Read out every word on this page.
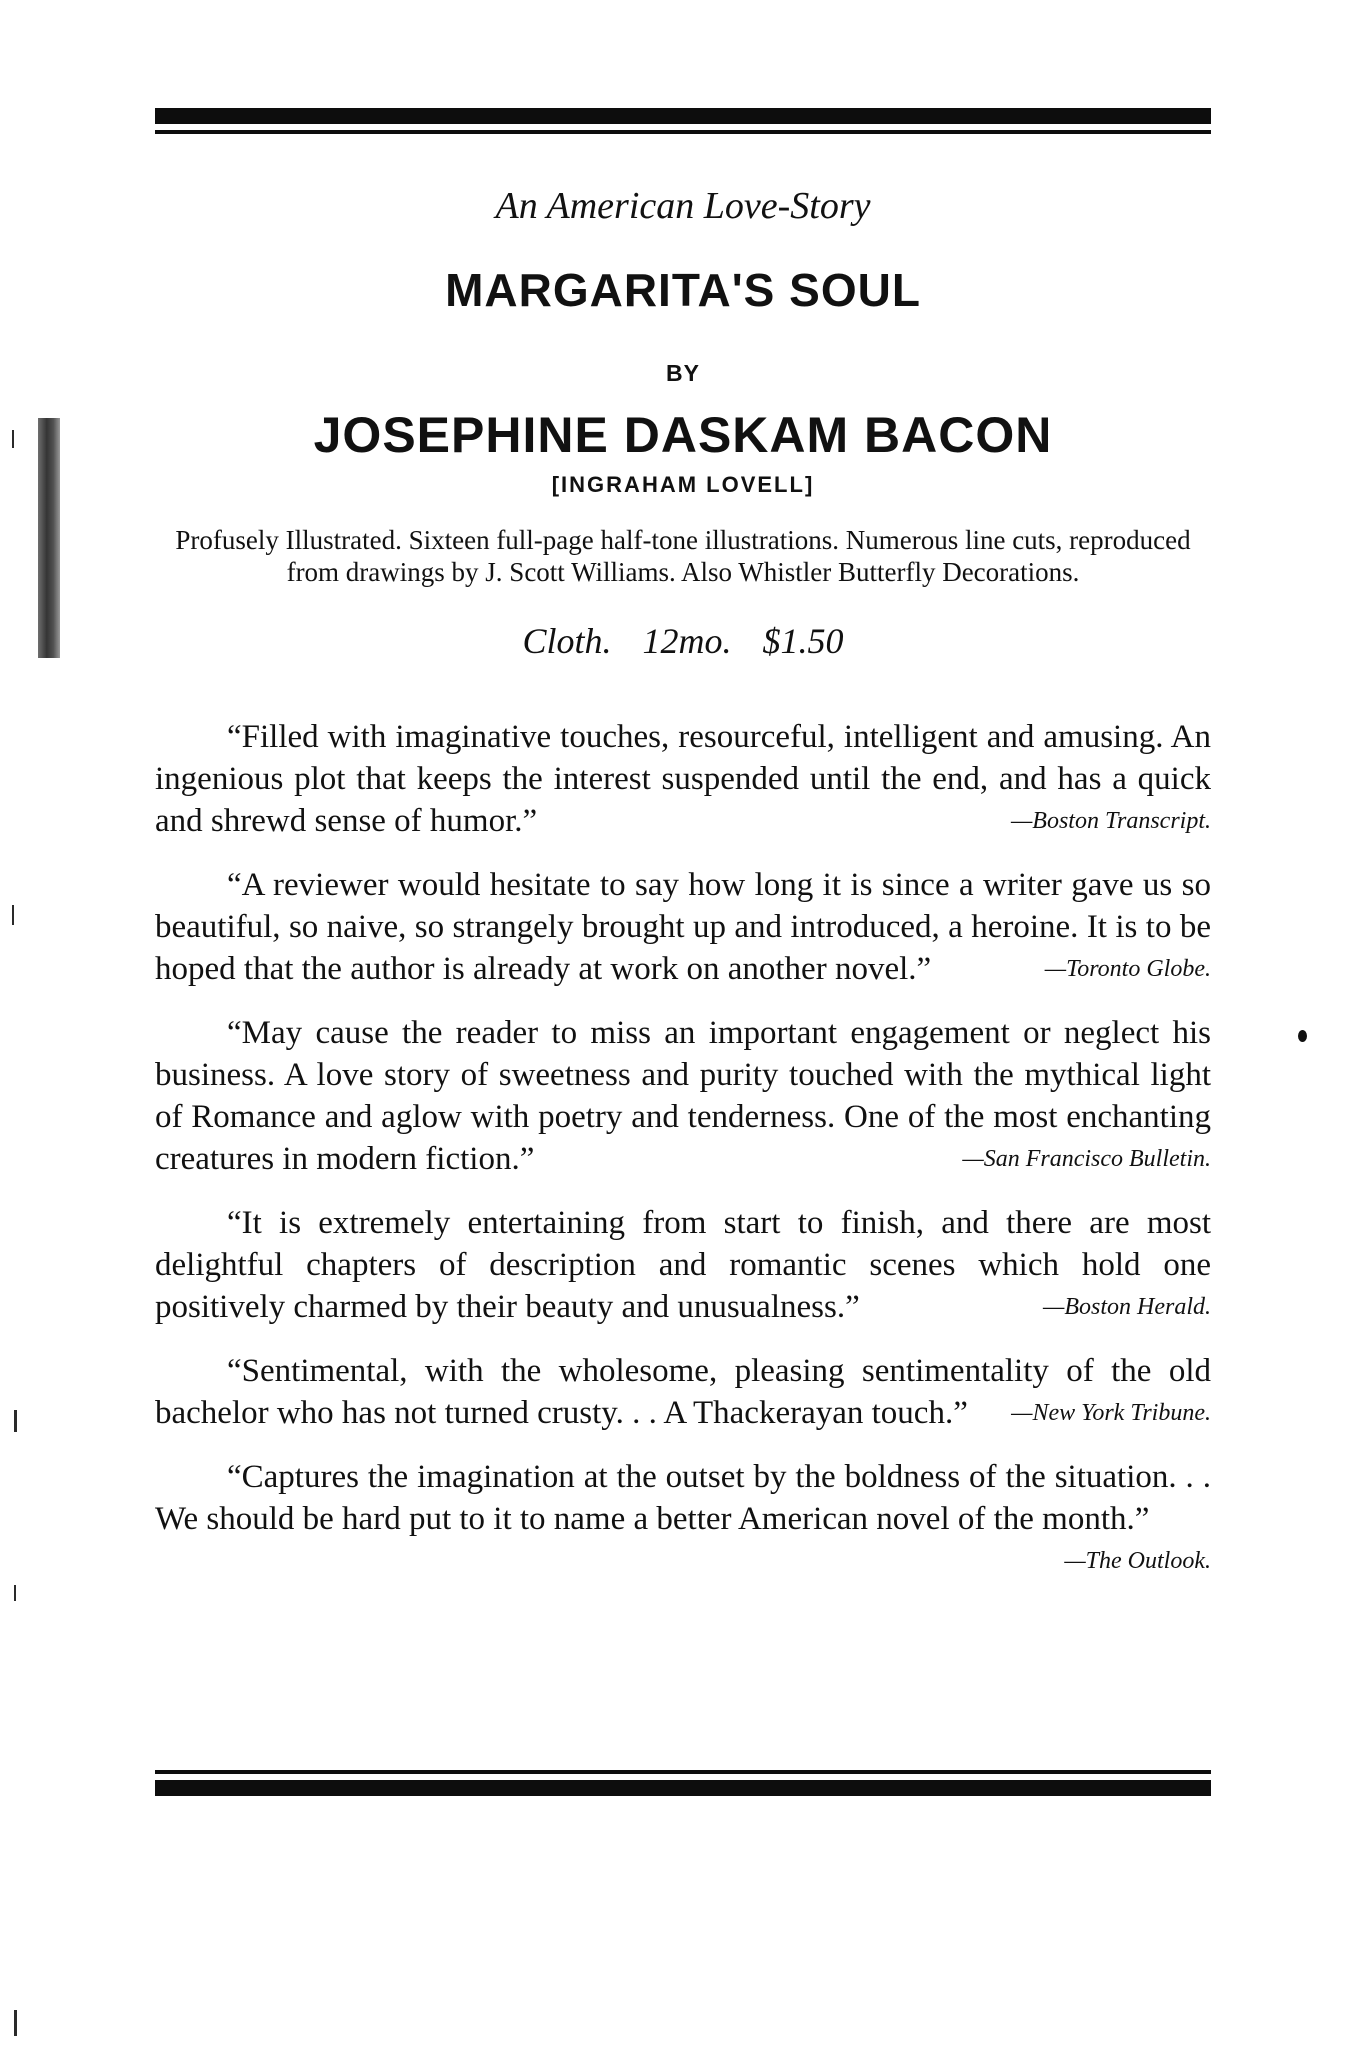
An American Love-Story

MARGARITA'S SOUL

BY

JOSEPHINE DASKAM BACON

[INGRAHAM LOVELL]

Profusely Illustrated. Sixteen full-page half-tone illustrations. Numerous line cuts, reproduced from drawings by J. Scott Williams. Also Whistler Butterfly Decorations.

Cloth. 12mo. $1.50

“Filled with imaginative touches, resourceful, intelligent and amusing. An ingenious plot that keeps the interest suspended until the end, and has a quick and shrewd sense of humor.”	—Boston Transcript.

“A reviewer would hesitate to say how long it is since a writer gave us so beautiful, so naive, so strangely brought up and introduced, a heroine. It is to be hoped that the author is already at work on another novel.”	—Toronto Globe.

“May cause the reader to miss an important engagement or neglect his business. A love story of sweetness and purity touched with the mythical light of Romance and aglow with poetry and tenderness. One of the most enchanting creatures in modern fiction.”	—San Francisco Bulletin.

“It is extremely entertaining from start to finish, and there are most delightful chapters of description and romantic scenes which hold one positively charmed by their beauty and unusualness.”	—Boston Herald.

“Sentimental, with the wholesome, pleasing sentimentality of the old bachelor who has not turned crusty. . . A Thackerayan touch.” —New York Tribune.

“Captures the imagination at the outset by the boldness of the situation. . . We should be hard put to it to name a better American novel of the month.”
—The Outlook.
